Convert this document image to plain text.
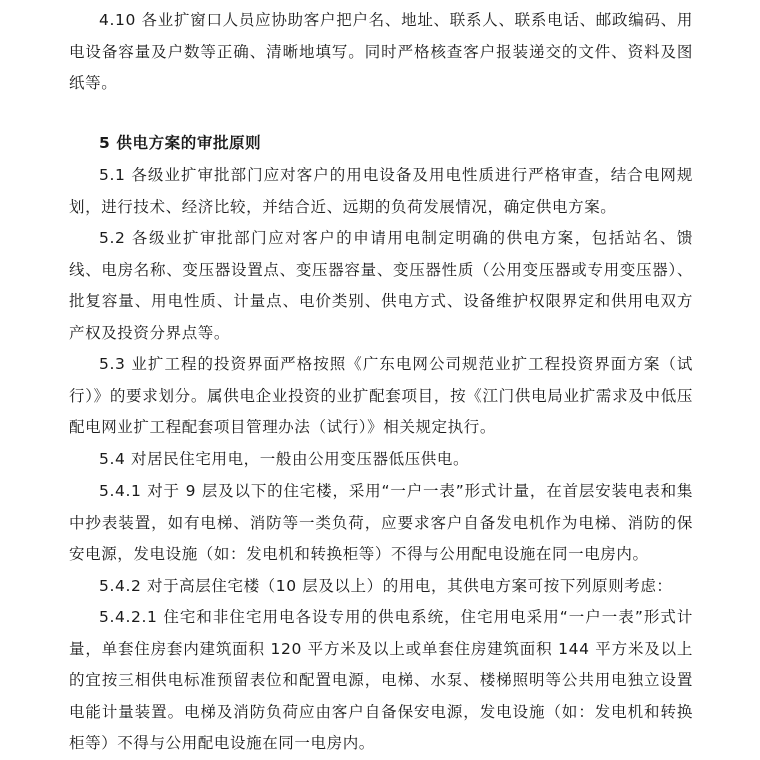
4.10 各业扩窗口人员应协助客户把户名、地址、联系人、联系电话、邮政编码、用电设备容量及户数等正确、清晰地填写。同时严格核查客户报装递交的文件、资料及图纸等。

5 供电方案的审批原则

5.1 各级业扩审批部门应对客户的用电设备及用电性质进行严格审查，结合电网规划，进行技术、经济比较，并结合近、远期的负荷发展情况，确定供电方案。

5.2 各级业扩审批部门应对客户的申请用电制定明确的供电方案，包括站名、馈线、电房名称、变压器设置点、变压器容量、变压器性质（公用变压器或专用变压器）、批复容量、用电性质、计量点、电价类别、供电方式、设备维护权限界定和供用电双方产权及投资分界点等。

5.3 业扩工程的投资界面严格按照《广东电网公司规范业扩工程投资界面方案（试行）》的要求划分。属供电企业投资的业扩配套项目，按《江门供电局业扩需求及中低压配电网业扩工程配套项目管理办法（试行）》相关规定执行。

5.4 对居民住宅用电，一般由公用变压器低压供电。

5.4.1 对于 9 层及以下的住宅楼，采用“一户一表”形式计量，在首层安装电表和集中抄表装置，如有电梯、消防等一类负荷，应要求客户自备发电机作为电梯、消防的保安电源，发电设施（如：发电机和转换柜等）不得与公用配电设施在同一电房内。

5.4.2 对于高层住宅楼（10 层及以上）的用电，其供电方案可按下列原则考虑：

5.4.2.1 住宅和非住宅用电各设专用的供电系统，住宅用电采用“一户一表”形式计量，单套住房套内建筑面积 120 平方米及以上或单套住房建筑面积 144 平方米及以上的宜按三相供电标准预留表位和配置电源，电梯、水泵、楼梯照明等公共用电独立设置电能计量装置。电梯及消防负荷应由客户自备保安电源，发电设施（如：发电机和转换柜等）不得与公用配电设施在同一电房内。
